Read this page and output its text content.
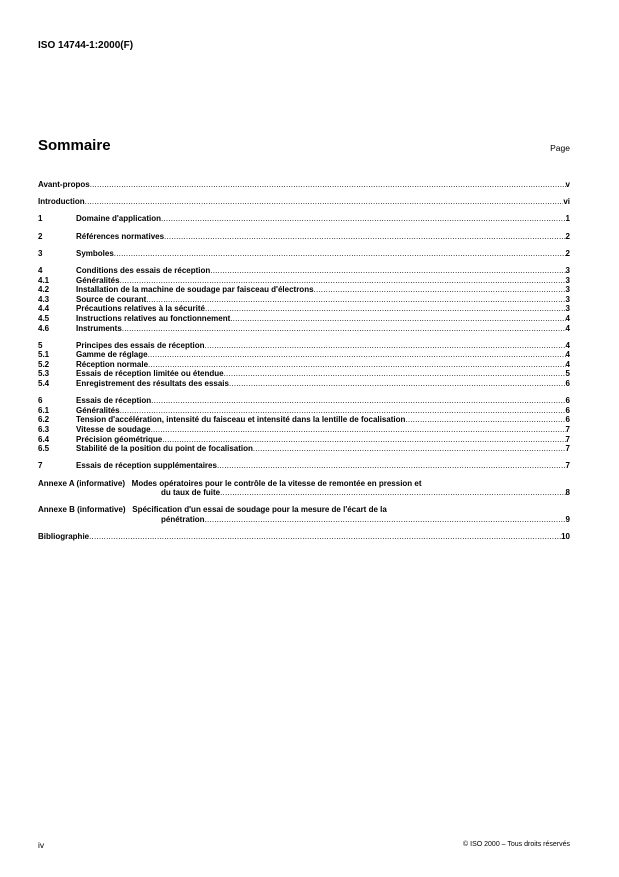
ISO 14744-1:2000(F)
Sommaire	Page
Avant-propos .....	v
Introduction .....	vi
1	Domaine d'application .....	1
2	Références normatives .....	2
3	Symboles .....	2
4	Conditions des essais de réception .....	3
4.1	Généralités .....	3
4.2	Installation de la machine de soudage par faisceau d'électrons .....	3
4.3	Source de courant .....	3
4.4	Précautions relatives à la sécurité .....	3
4.5	Instructions relatives au fonctionnement .....	4
4.6	Instruments .....	4
5	Principes des essais de réception .....	4
5.1	Gamme de réglage .....	4
5.2	Réception normale .....	4
5.3	Essais de réception limitée ou étendue .....	5
5.4	Enregistrement des résultats des essais .....	6
6	Essais de réception .....	6
6.1	Généralités .....	6
6.2	Tension d'accélération, intensité du faisceau et intensité dans la lentille de focalisation .....	6
6.3	Vitesse de soudage .....	7
6.4	Précision géométrique .....	7
6.5	Stabilité de la position du point de focalisation .....	7
7	Essais de réception supplémentaires .....	7
Annexe A (informative) Modes opératoires pour le contrôle de la vitesse de remontée en pression et
du taux de fuite .....	8
Annexe B (informative) Spécification d'un essai de soudage pour la mesure de l'écart de la
pénétration .....	9
Bibliographie .....	10
iv	© ISO 2000 – Tous droits réservés
